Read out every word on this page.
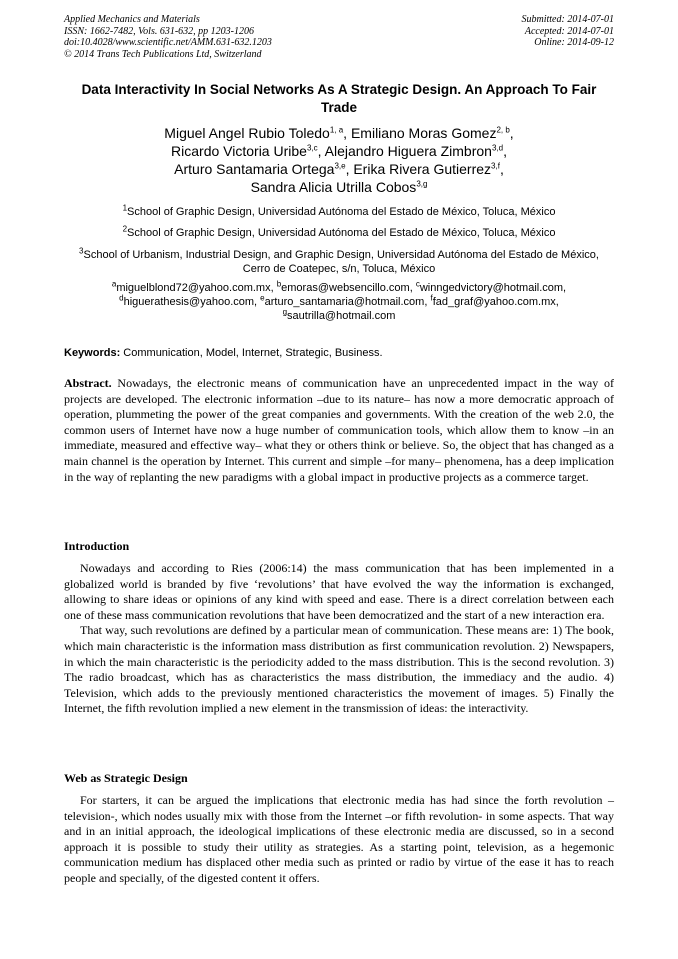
Applied Mechanics and Materials
ISSN: 1662-7482, Vols. 631-632, pp 1203-1206
doi:10.4028/www.scientific.net/AMM.631-632.1203
© 2014 Trans Tech Publications Ltd, Switzerland
Submitted: 2014-07-01
Accepted: 2014-07-01
Online: 2014-09-12
Data Interactivity In Social Networks As A Strategic Design. An Approach To Fair Trade
Miguel Angel Rubio Toledo$^{1, a}$, Emiliano Moras Gomez$^{2, b}$,
Ricardo Victoria Uribe$^{3,c}$, Alejandro Higuera Zimbron$^{3,d}$,
Arturo Santamaria Ortega$^{3,e}$, Erika Rivera Gutierrez$^{3,f}$,
Sandra Alicia Utrilla Cobos$^{3,g}$
$^1$School of Graphic Design, Universidad Autónoma del Estado de México, Toluca, México
$^2$School of Graphic Design, Universidad Autónoma del Estado de México, Toluca, México
$^3$School of Urbanism, Industrial Design, and Graphic Design, Universidad Autónoma del Estado de México, Cerro de Coatepec, s/n, Toluca, México
$^a$miguelblond72@yahoo.com.mx, $^b$emoras@websencillo.com, $^c$winngedvictory@hotmail.com,
$^d$higuerathesis@yahoo.com, $^e$arturo_santamaria@hotmail.com, $^f$fad_graf@yahoo.com.mx,
$^g$sautrilla@hotmail.com
Keywords: Communication, Model, Internet, Strategic, Business.

Abstract. Nowadays, the electronic means of communication have an unprecedented impact in the way of projects are developed. The electronic information –due to its nature– has now a more democratic approach of operation, plummeting the power of the great companies and governments. With the creation of the web 2.0, the common users of Internet have now a huge number of communication tools, which allow them to know –in an immediate, measured and effective way– what they or others think or believe. So, the object that has changed as a main channel is the operation by Internet. This current and simple –for many– phenomena, has a deep implication in the way of replanting the new paradigms with a global impact in productive projects as a commerce target.

Introduction

Nowadays and according to Ries (2006:14) the mass communication that has been implemented in a globalized world is branded by five ‘revolutions’ that have evolved the way the information is exchanged, allowing to share ideas or opinions of any kind with speed and ease. There is a direct correlation between each one of these mass communication revolutions that have been democratized and the start of a new interaction era.

That way, such revolutions are defined by a particular mean of communication. These means are: 1) The book, which main characteristic is the information mass distribution as first communication revolution. 2) Newspapers, in which the main characteristic is the periodicity added to the mass distribution. This is the second revolution. 3) The radio broadcast, which has as characteristics the mass distribution, the immediacy and the audio. 4) Television, which adds to the previously mentioned characteristics the movement of images. 5) Finally the Internet, the fifth revolution implied a new element in the transmission of ideas: the interactivity.

Web as Strategic Design

For starters, it can be argued the implications that electronic media has had since the forth revolution –television-, which nodes usually mix with those from the Internet –or fifth revolution- in some aspects. That way and in an initial approach, the ideological implications of these electronic media are discussed, so in a second approach it is possible to study their utility as strategies. As a starting point, television, as a hegemonic communication medium has displaced other media such as printed or radio by virtue of the ease it has to reach people and specially, of the digested content it offers.
